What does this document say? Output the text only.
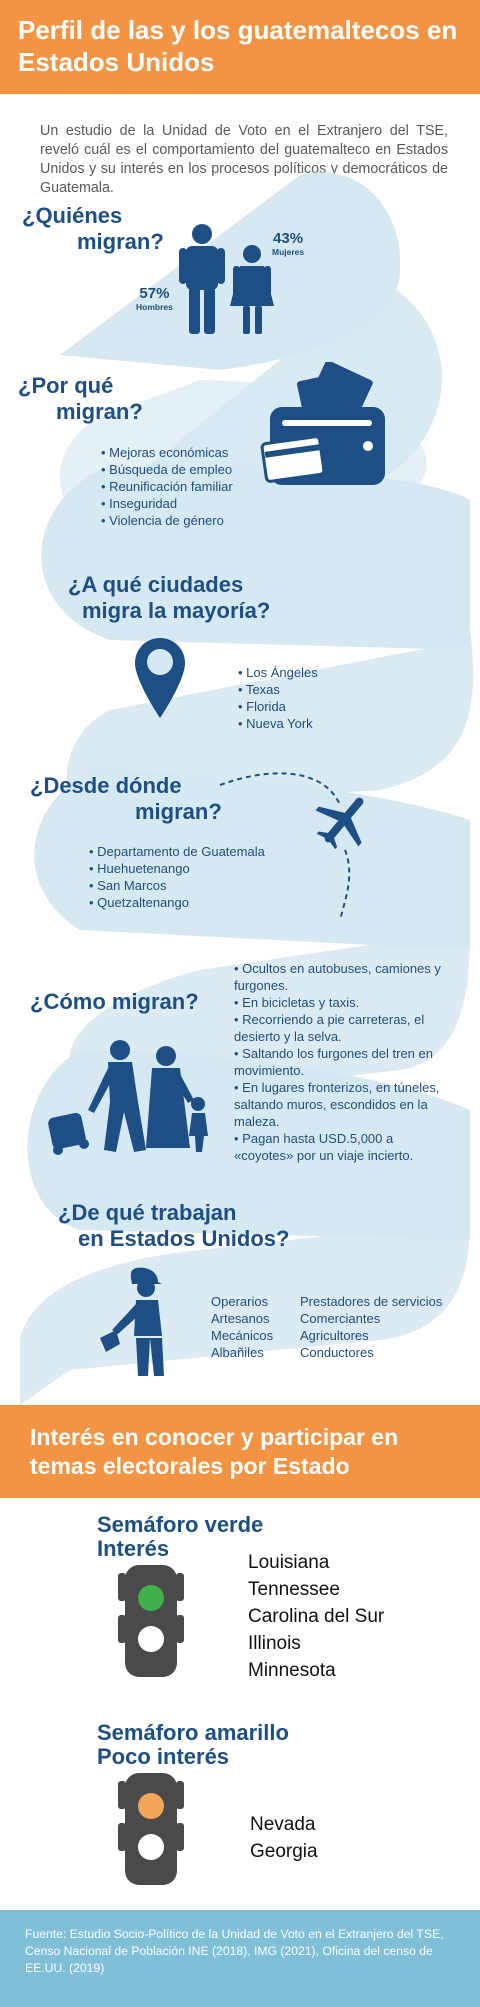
Perfil de las y los guatemaltecos en Estados Unidos

Un estudio de la Unidad de Voto en el Extranjero del TSE, reveló cuál es el comportamiento del guatemalteco en Estados Unidos y su interés en los procesos políticos y democráticos de Guatemala.

¿Quiénes
migran?	43%
Mujeres
57%
Hombres
¿Por qué
migran?
• Mejoras económicas
• Búsqueda de empleo
• Reunificación familiar
• Inseguridad
• Violencia de género
¿A qué ciudades
migra la mayoría?
• Los Ángeles
• Texas
• Florida
• Nueva York
¿Desde dónde
migran?
• Departamento de Guatemala
• Huehuetenango
• San Marcos
• Quetzaltenango
¿Cómo migran?
• Ocultos en autobuses, camiones y furgones.
• En bicicletas y taxis.
• Recorriendo a pie carreteras, el desierto y la selva.
• Saltando los furgones del tren en movimiento.
• En lugares fronterizos, en túneles, saltando muros, escondidos en la maleza.
• Pagan hasta USD.5,000 a «coyotes» por un viaje incierto.
¿De qué trabajan
en Estados Unidos?
Operarios
Artesanos
Mecánicos
Albañiles
Prestadores de servicios
Comerciantes
Agricultores
Conductores
Interés en conocer y participar en temas electorales por Estado
Semáforo verde
Interés
Louisiana
Tennessee
Carolina del Sur
Illinois
Minnesota
Semáforo amarillo
Poco interés
Nevada
Georgia

Fuente: Estudio Socio-Político de la Unidad de Voto en el Extranjero del TSE, Censo Nacional de Población INE (2018), IMG (2021), Oficina del censo de EE.UU. (2019)
